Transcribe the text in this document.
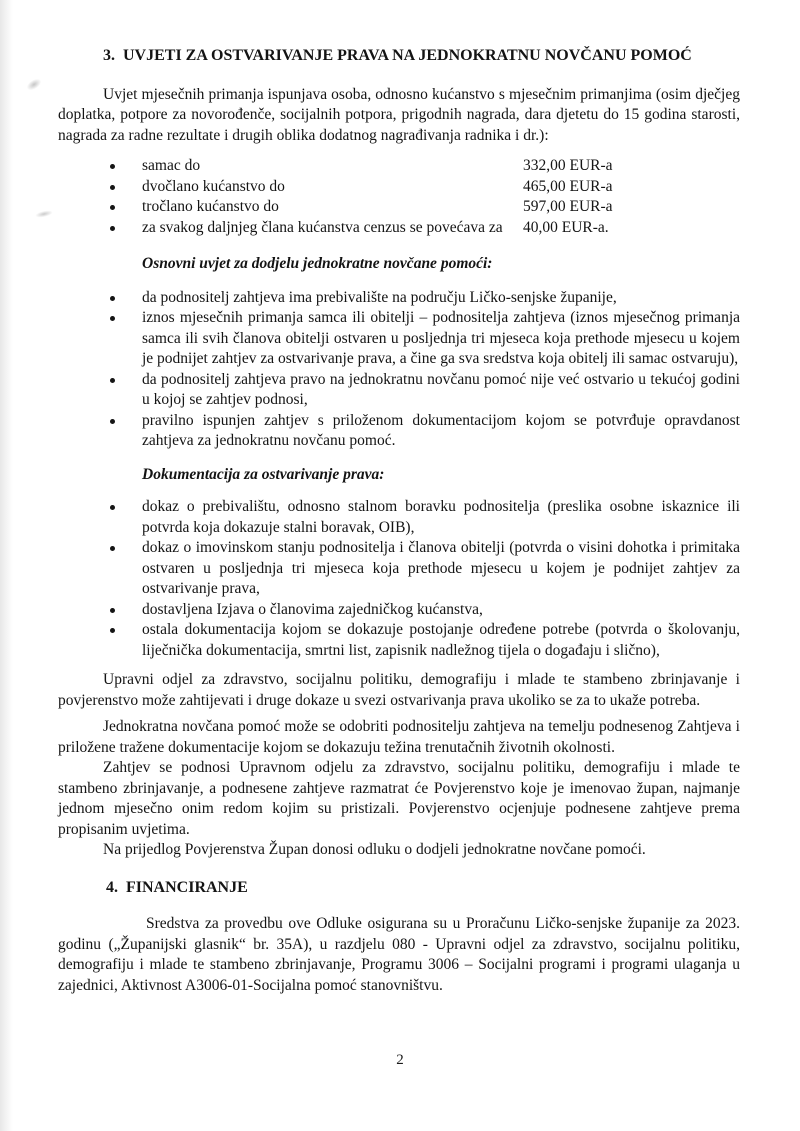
3. UVJETI ZA OSTVARIVANJE PRAVA NA JEDNOKRATNU NOVČANU POMOĆ

Uvjet mjesečnih primanja ispunjava osoba, odnosno kućanstvo s mjesečnim primanjima (osim dječjeg doplatka, potpore za novorođenče, socijalnih potpora, prigodnih nagrada, dara djetetu do 15 godina starosti, nagrada za radne rezultate i drugih oblika dodatnog nagrađivanja radnika i dr.):

samac do	332,00 EUR-a
dvočlano kućanstvo do	465,00 EUR-a
tročlano kućanstvo do	597,00 EUR-a
za svakog daljnjeg člana kućanstva cenzus se povećava za 40,00 EUR-a.
Osnovni uvjet za dodjelu jednokratne novčane pomoći:
da podnositelj zahtjeva ima prebivalište na području Ličko-senjske županije,
iznos mjesečnih primanja samca ili obitelji – podnositelja zahtjeva (iznos mjesečnog primanja samca ili svih članova obitelji ostvaren u posljednja tri mjeseca koja prethode mjesecu u kojem je podnijet zahtjev za ostvarivanje prava, a čine ga sva sredstva koja obitelj ili samac ostvaruju),
da podnositelj zahtjeva pravo na jednokratnu novčanu pomoć nije već ostvario u tekućoj godini u kojoj se zahtjev podnosi,
pravilno ispunjen zahtjev s priloženom dokumentacijom kojom se potvrđuje opravdanost zahtjeva za jednokratnu novčanu pomoć.
Dokumentacija za ostvarivanje prava:
dokaz o prebivalištu, odnosno stalnom boravku podnositelja (preslika osobne iskaznice ili potvrda koja dokazuje stalni boravak, OIB),
dokaz o imovinskom stanju podnositelja i članova obitelji (potvrda o visini dohotka i primitaka ostvaren u posljednja tri mjeseca koja prethode mjesecu u kojem je podnijet zahtjev za ostvarivanje prava,
dostavljena Izjava o članovima zajedničkog kućanstva,
ostala dokumentacija kojom se dokazuje postojanje određene potrebe (potvrda o školovanju, liječnička dokumentacija, smrtni list, zapisnik nadležnog tijela o događaju i slično),

Upravni odjel za zdravstvo, socijalnu politiku, demografiju i mlade te stambeno zbrinjavanje i povjerenstvo može zahtijevati i druge dokaze u svezi ostvarivanja prava ukoliko se za to ukaže potreba.

Jednokratna novčana pomoć može se odobriti podnositelju zahtjeva na temelju podnesenog Zahtjeva i priložene tražene dokumentacije kojom se dokazuju težina trenutačnih životnih okolnosti.

Zahtjev se podnosi Upravnom odjelu za zdravstvo, socijalnu politiku, demografiju i mlade te stambeno zbrinjavanje, a podnesene zahtjeve razmatrat će Povjerenstvo koje je imenovao župan, najmanje jednom mjesečno onim redom kojim su pristizali. Povjerenstvo ocjenjuje podnesene zahtjeve prema propisanim uvjetima.

Na prijedlog Povjerenstva Župan donosi odluku o dodjeli jednokratne novčane pomoći.

4. FINANCIRANJE

Sredstva za provedbu ove Odluke osigurana su u Proračunu Ličko-senjske županije za 2023. godinu („Županijski glasnik“ br. 35A), u razdjelu 080 - Upravni odjel za zdravstvo, socijalnu politiku, demografiju i mlade te stambeno zbrinjavanje, Programu 3006 – Socijalni programi i programi ulaganja u zajednici, Aktivnost A3006-01-Socijalna pomoć stanovništvu.

2
